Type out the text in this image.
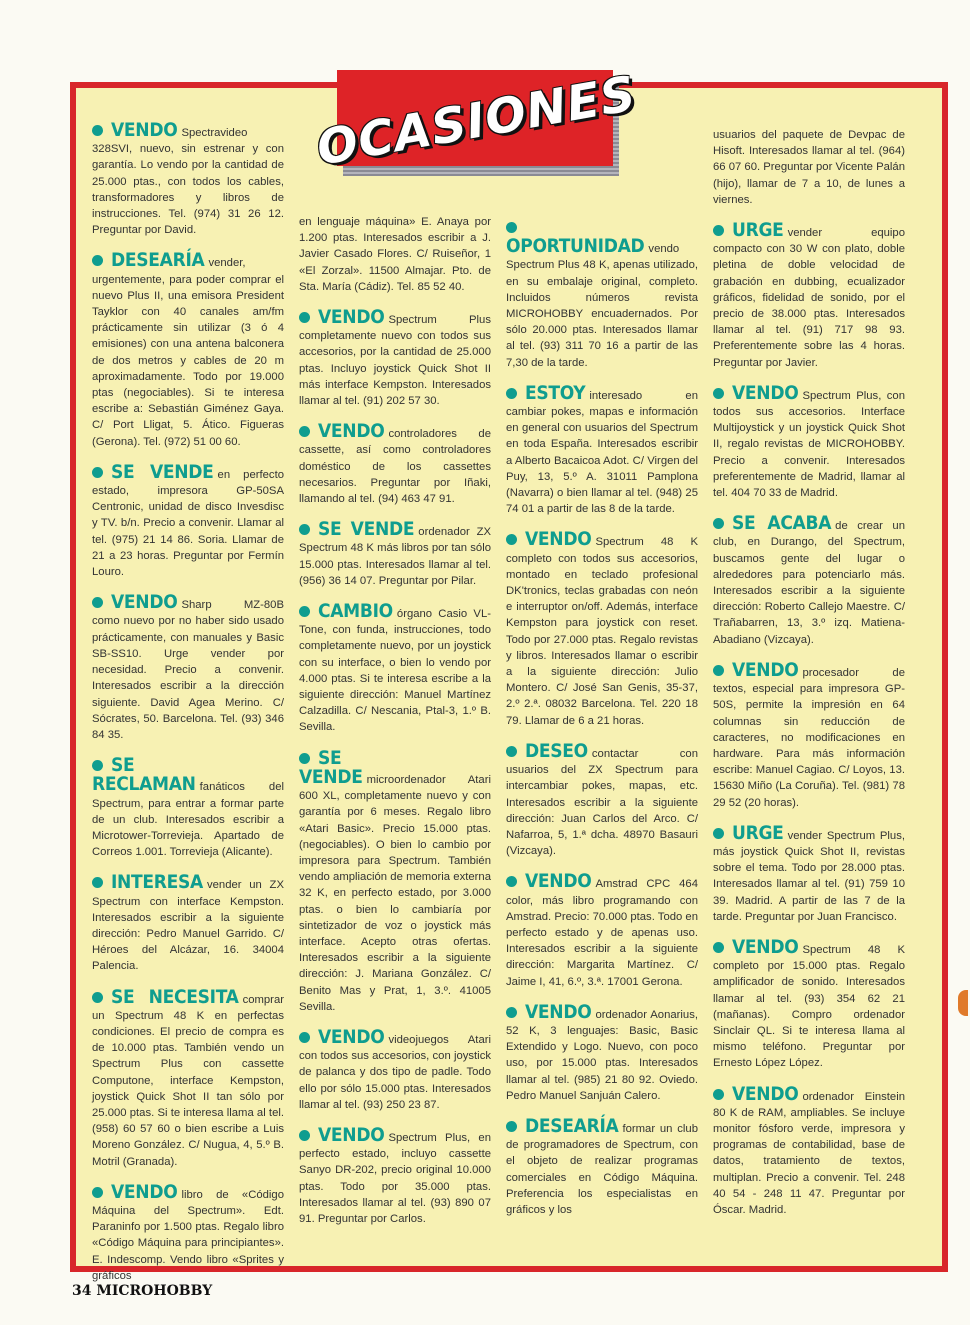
OCASIONES

VENDO Spectravideo 328SVI, nuevo, sin estrenar y con garantía. Lo vendo por la cantidad de 25.000 ptas., con todos los cables, transformadores y libros de instrucciones. Tel. (974) 31 26 12. Preguntar por David.

DESEARÍA vender, urgentemente, para poder comprar el nuevo Plus II, una emisora President Tayklor con 40 canales am/fm prácticamente sin utilizar (3 ó 4 emisiones) con una antena balconera de dos metros y cables de 20 m aproximadamente. Todo por 19.000 ptas (negociables). Si te interesa escribe a: Sebastián Giménez Gaya. C/ Port Lligat, 5. Ático. Figueras (Gerona). Tel. (972) 51 00 60.

SE VENDE en perfecto estado, impresora GP-50SA Centronic, unidad de disco Invesdisc y TV. b/n. Precio a convenir. Llamar al tel. (975) 21 14 86. Soria. Llamar de 21 a 23 horas. Preguntar por Fermín Louro.

VENDO Sharp MZ-80B como nuevo por no haber sido usado prácticamente, con manuales y Basic SB-SS10. Urge vender por necesidad. Precio a convenir. Interesados escribir a la dirección siguiente. David Agea Merino. C/ Sócrates, 50. Barcelona. Tel. (93) 346 84 35.

SE RECLAMAN fanáticos del Spectrum, para entrar a formar parte de un club. Interesados escribir a Microtower-Torrevieja. Apartado de Correos 1.001. Torrevieja (Alicante).

INTERESA vender un ZX Spectrum con interface Kempston. Interesados escribir a la siguiente dirección: Pedro Manuel Garrido. C/ Héroes del Alcázar, 16. 34004 Palencia.

SE NECESITA comprar un Spectrum 48 K en perfectas condiciones. El precio de compra es de 10.000 ptas. También vendo un Spectrum Plus con cassette Computone, interface Kempston, joystick Quick Shot II tan sólo por 25.000 ptas. Si te interesa llama al tel. (958) 60 57 60 o bien escribe a Luis Moreno González. C/ Nugua, 4, 5.º B. Motril (Granada).

VENDO libro de «Código Máquina del Spectrum». Edt. Paraninfo por 1.500 ptas. Regalo libro «Código Máquina para principiantes». E. Indescomp. Vendo libro «Sprites y gráficos

en lenguaje máquina» E. Anaya por 1.200 ptas. Interesados escribir a J. Javier Casado Flores. C/ Ruiseñor, 1 «El Zorzal». 11500 Almajar. Pto. de Sta. María (Cádiz). Tel. 85 52 40.

VENDO Spectrum Plus completamente nuevo con todos sus accesorios, por la cantidad de 25.000 ptas. Incluyo joystick Quick Shot II más interface Kempston. Interesados llamar al tel. (91) 202 57 30.

VENDO controladores de cassette, así como controladores doméstico de los cassettes necesarios. Preguntar por Iñaki, llamando al tel. (94) 463 47 91.

SE VENDE ordenador ZX Spectrum 48 K más libros por tan sólo 15.000 ptas. Interesados llamar al tel. (956) 36 14 07. Preguntar por Pilar.

CAMBIO órgano Casio VL-Tone, con funda, instrucciones, todo completamente nuevo, por un joystick con su interface, o bien lo vendo por 4.000 ptas. Si te interesa escribe a la siguiente dirección: Manuel Martínez Calzadilla. C/ Nescania, Ptal-3, 1.º B. Sevilla.

SE VENDE microordenador Atari 600 XL, completamente nuevo y con garantía por 6 meses. Regalo libro «Atari Basic». Precio 15.000 ptas. (negociables). O bien lo cambio por impresora para Spectrum. También vendo ampliación de memoria externa 32 K, en perfecto estado, por 3.000 ptas. o bien lo cambiaría por sintetizador de voz o joystick más interface. Acepto otras ofertas. Interesados escribir a la siguiente dirección: J. Mariana González. C/ Benito Mas y Prat, 1, 3.º. 41005 Sevilla.

VENDO videojuegos Atari con todos sus accesorios, con joystick de palanca y dos tipo de padle. Todo ello por sólo 15.000 ptas. Interesados llamar al tel. (93) 250 23 87.

VENDO Spectrum Plus, en perfecto estado, incluyo cassette Sanyo DR-202, precio original 10.000 ptas. Todo por 35.000 ptas. Interesados llamar al tel. (93) 890 07 91. Preguntar por Carlos.

OPORTUNIDAD vendo Spectrum Plus 48 K, apenas utilizado, en su embalaje original, completo. Incluidos números revista MICROHOBBY encuadernados. Por sólo 20.000 ptas. Interesados llamar al tel. (93) 311 70 16 a partir de las 7,30 de la tarde.

ESTOY interesado en cambiar pokes, mapas e información en general con usuarios del Spectrum en toda España. Interesados escribir a Alberto Bacaicoa Adot. C/ Virgen del Puy, 13, 5.º A. 31011 Pamplona (Navarra) o bien llamar al tel. (948) 25 74 01 a partir de las 8 de la tarde.

VENDO Spectrum 48 K completo con todos sus accesorios, montado en teclado profesional DK'tronics, teclas grabadas con neón e interruptor on/off. Además, interface Kempston para joystick con reset. Todo por 27.000 ptas. Regalo revistas y libros. Interesados llamar o escribir a la siguiente dirección: Julio Montero. C/ José San Genis, 35-37, 2.º 2.ª. 08032 Barcelona. Tel. 220 18 79. Llamar de 6 a 21 horas.

DESEO contactar con usuarios del ZX Spectrum para intercambiar pokes, mapas, etc. Interesados escribir a la siguiente dirección: Juan Carlos del Arco. C/ Nafarroa, 5, 1.ª dcha. 48970 Basauri (Vizcaya).

VENDO Amstrad CPC 464 color, más libro programando con Amstrad. Precio: 70.000 ptas. Todo en perfecto estado y de apenas uso. Interesados escribir a la siguiente dirección: Margarita Martínez. C/ Jaime I, 41, 6.º, 3.ª. 17001 Gerona.

VENDO ordenador Aonarius, 52 K, 3 lenguajes: Basic, Basic Extendido y Logo. Nuevo, con poco uso, por 15.000 ptas. Interesados llamar al tel. (985) 21 80 92. Oviedo. Pedro Manuel Sanjuán Calero.

DESEARÍA formar un club de programadores de Spectrum, con el objeto de realizar programas comerciales en Código Máquina. Preferencia los especialistas en gráficos y los

usuarios del paquete de Devpac de Hisoft. Interesados llamar al tel. (964) 66 07 60. Preguntar por Vicente Palán (hijo), llamar de 7 a 10, de lunes a viernes.

URGE vender equipo compacto con 30 W con plato, doble pletina de doble velocidad de grabación en dubbing, ecualizador gráficos, fidelidad de sonido, por el precio de 38.000 ptas. Interesados llamar al tel. (91) 717 98 93. Preferentemente sobre las 4 horas. Preguntar por Javier.

VENDO Spectrum Plus, con todos sus accesorios. Interface Multijoystick y un joystick Quick Shot II, regalo revistas de MICROHOBBY. Precio a convenir. Interesados preferentemente de Madrid, llamar al tel. 404 70 33 de Madrid.

SE ACABA de crear un club, en Durango, del Spectrum, buscamos gente del lugar o alrededores para potenciarlo más. Interesados escribir a la siguiente dirección: Roberto Callejo Maestre. C/ Trañabarren, 13, 3.º izq. Matiena-Abadiano (Vizcaya).

VENDO procesador de textos, especial para impresora GP-50S, permite la impresión en 64 columnas sin reducción de caracteres, no modificaciones en hardware. Para más información escribe: Manuel Cagiao. C/ Loyos, 13. 15630 Miño (La Coruña). Tel. (981) 78 29 52 (20 horas).

URGE vender Spectrum Plus, más joystick Quick Shot II, revistas sobre el tema. Todo por 28.000 ptas. Interesados llamar al tel. (91) 759 10 39. Madrid. A partir de las 7 de la tarde. Preguntar por Juan Francisco.

VENDO Spectrum 48 K completo por 15.000 ptas. Regalo amplificador de sonido. Interesados llamar al tel. (93) 354 62 21 (mañanas). Compro ordenador Sinclair QL. Si te interesa llama al mismo teléfono. Preguntar por Ernesto López López.

VENDO ordenador Einstein 80 K de RAM, ampliables. Se incluye monitor fósforo verde, impresora y programas de contabilidad, base de datos, tratamiento de textos, multiplan. Precio a convenir. Tel. 248 40 54 - 248 11 47. Preguntar por Óscar. Madrid.

34 MICROHOBBY
